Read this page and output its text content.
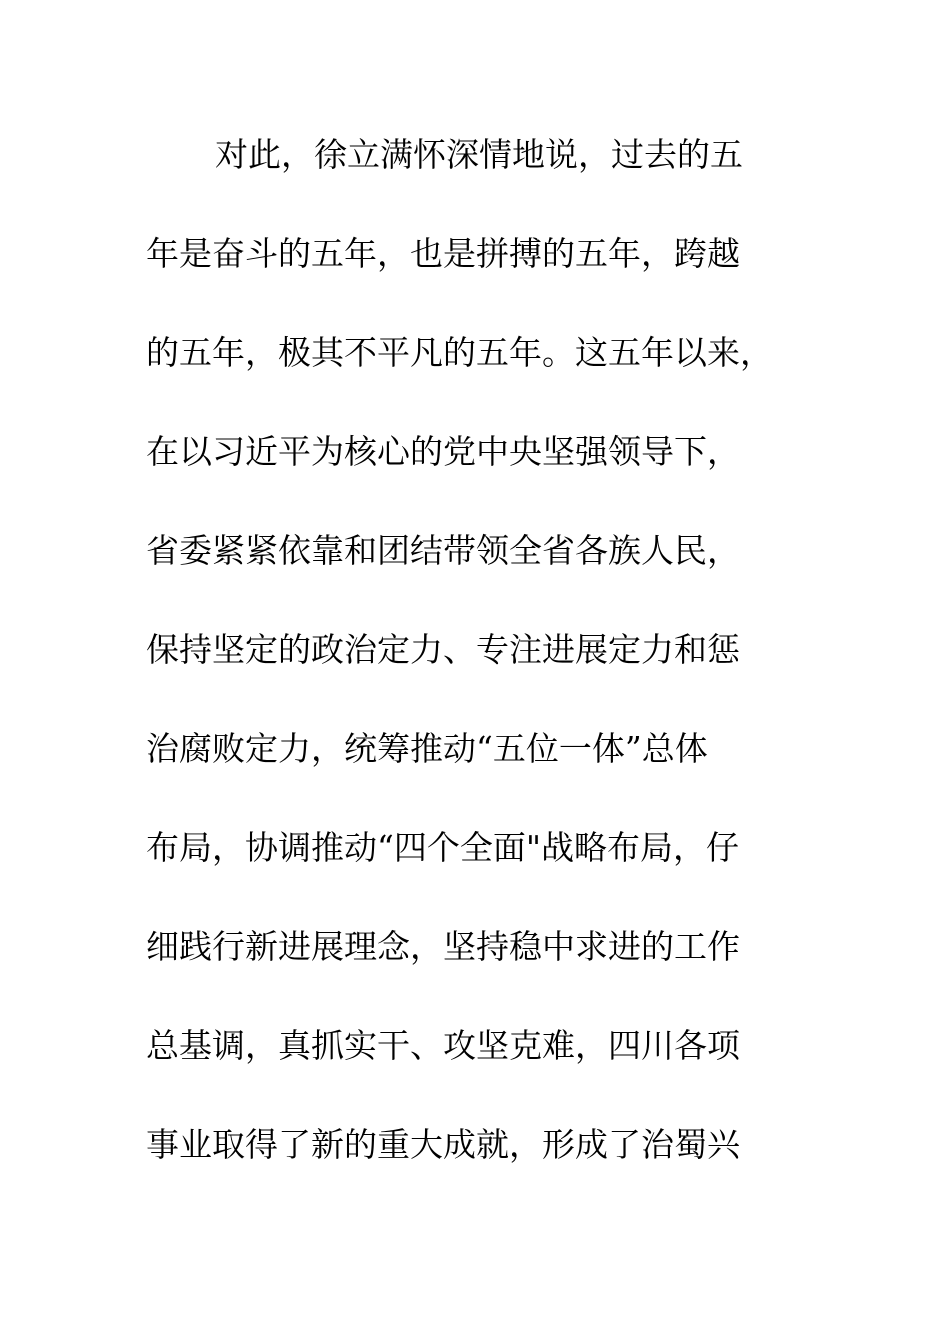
对此，徐立满怀深情地说，过去的五
年是奋斗的五年，也是拼搏的五年，跨越
的五年，极其不平凡的五年。这五年以来，
在以习近平为核心的党中央坚强领导下，
省委紧紧依靠和团结带领全省各族人民，
保持坚定的政治定力、专注进展定力和惩
治腐败定力，统筹推动“五位一体”总体
布局，协调推动“四个全面"战略布局，仔
细践行新进展理念，坚持稳中求进的工作
总基调，真抓实干、攻坚克难，四川各项
事业取得了新的重大成就，形成了治蜀兴
